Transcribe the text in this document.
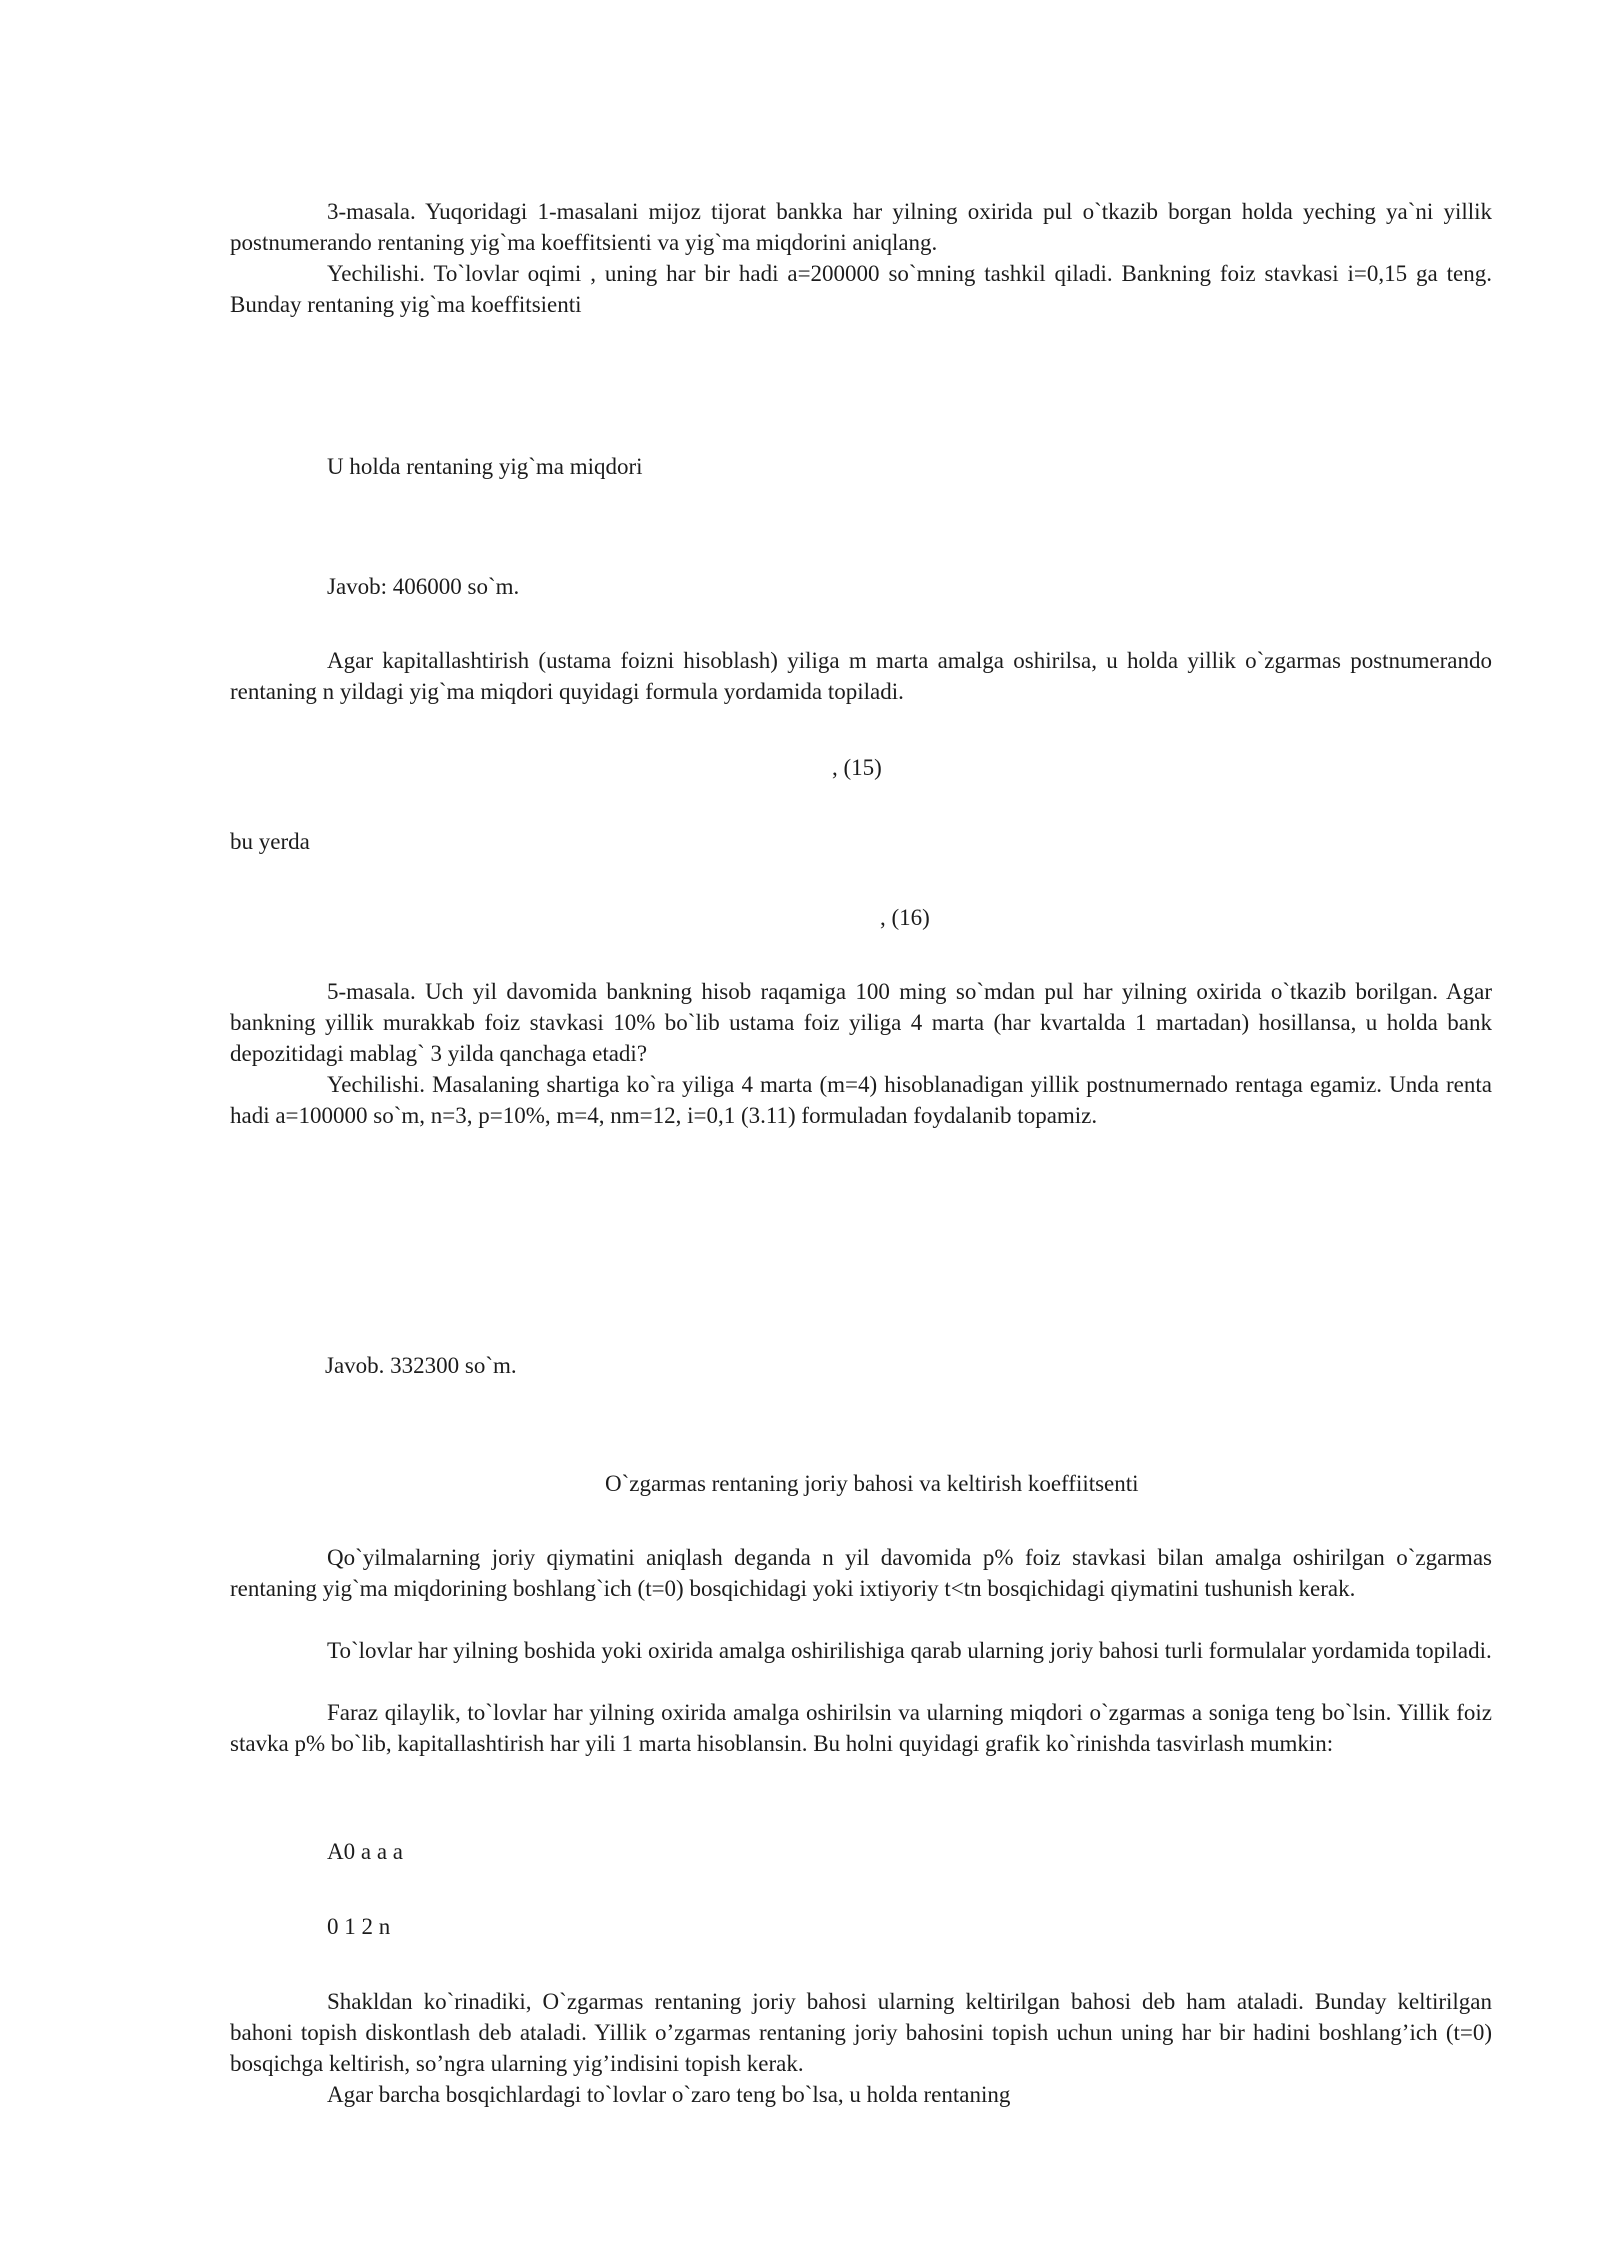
3-masala. Yuqoridagi 1-masalani mijoz tijorat bankka har yilning oxirida pul o`tkazib borgan holda yeching ya`ni yillik postnumerando rentaning yig`ma koeffitsienti va yig`ma miqdorini aniqlang.

Yechilishi. To`lovlar oqimi , uning har bir hadi a=200000 so`mning tashkil qiladi. Bankning foiz stavkasi i=0,15 ga teng. Bunday rentaning yig`ma koeffitsienti

U holda rentaning yig`ma miqdori

Javob: 406000 so`m.

Agar kapitallashtirish (ustama foizni hisoblash) yiliga m marta amalga oshirilsa, u holda yillik o`zgarmas postnumerando rentaning n yildagi yig`ma miqdori quyidagi formula yordamida topiladi.

, (15)

bu yerda

, (16)

5-masala. Uch yil davomida bankning hisob raqamiga 100 ming so`mdan pul har yilning oxirida o`tkazib borilgan. Agar bankning yillik murakkab foiz stavkasi 10% bo`lib ustama foiz yiliga 4 marta (har kvartalda 1 martadan) hosillansa, u holda bank depozitidagi mablag` 3 yilda qanchaga etadi?

Yechilishi. Masalaning shartiga ko`ra yiliga 4 marta (m=4) hisoblanadigan yillik postnumernado rentaga egamiz. Unda renta hadi a=100000 so`m, n=3, p=10%, m=4, nm=12, i=0,1 (3.11) formuladan foydalanib topamiz.

Javob. 332300 so`m.

O`zgarmas rentaning joriy bahosi va keltirish koeffiitsenti

Qo`yilmalarning joriy qiymatini aniqlash deganda n yil davomida p% foiz stavkasi bilan amalga oshirilgan o`zgarmas rentaning yig`ma miqdorining boshlang`ich (t=0) bosqichidagi yoki ixtiyoriy t<tn bosqichidagi qiymatini tushunish kerak.

To`lovlar har yilning boshida yoki oxirida amalga oshirilishiga qarab ularning joriy bahosi turli formulalar yordamida topiladi.

Faraz qilaylik, to`lovlar har yilning oxirida amalga oshirilsin va ularning miqdori o`zgarmas a soniga teng bo`lsin. Yillik foiz stavka p% bo`lib, kapitallashtirish har yili 1 marta hisoblansin. Bu holni quyidagi grafik ko`rinishda tasvirlash mumkin:

A0 a a a

0 1 2 n

Shakldan ko`rinadiki, O`zgarmas rentaning joriy bahosi ularning keltirilgan bahosi deb ham ataladi. Bunday keltirilgan bahoni topish diskontlash deb ataladi. Yillik o’zgarmas rentaning joriy bahosini topish uchun uning har bir hadini boshlang’ich (t=0) bosqichga keltirish, so’ngra ularning yig’indisini topish kerak.

Agar barcha bosqichlardagi to`lovlar o`zaro teng bo`lsa, u holda rentaning
